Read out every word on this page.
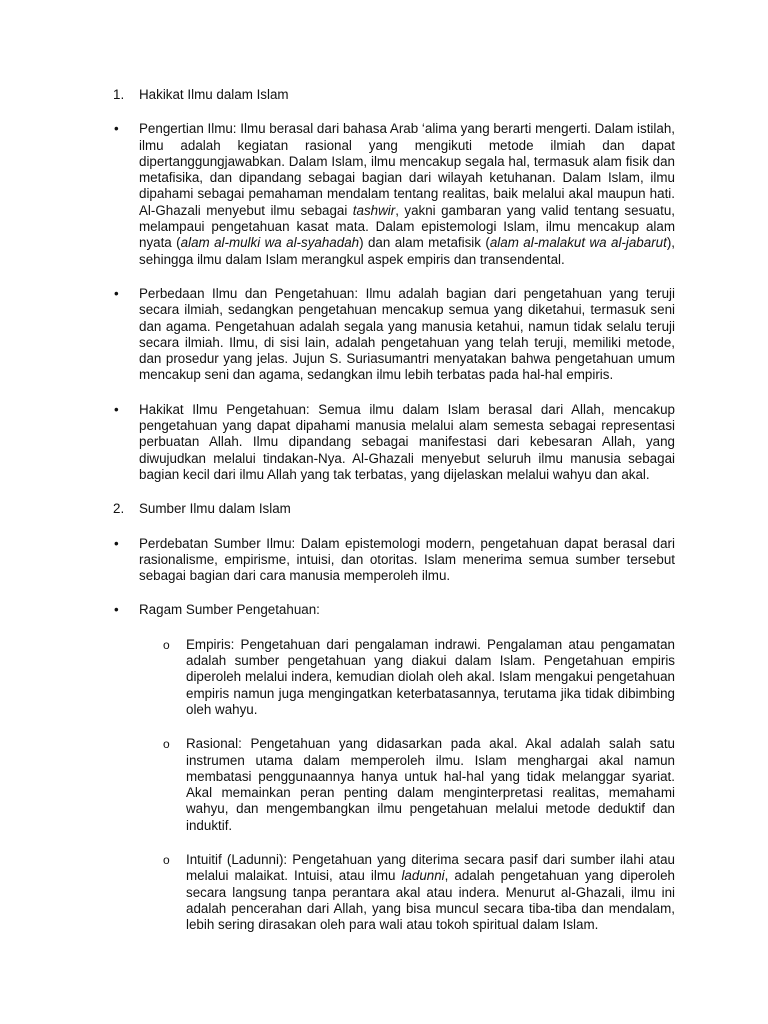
1.	Hakikat Ilmu dalam Islam
•	Pengertian Ilmu: Ilmu berasal dari bahasa Arab ‘alima yang berarti mengerti. Dalam istilah, ilmu adalah kegiatan rasional yang mengikuti metode ilmiah dan dapat dipertanggungjawabkan. Dalam Islam, ilmu mencakup segala hal, termasuk alam fisik dan metafisika, dan dipandang sebagai bagian dari wilayah ketuhanan. Dalam Islam, ilmu dipahami sebagai pemahaman mendalam tentang realitas, baik melalui akal maupun hati. Al-Ghazali menyebut ilmu sebagai tashwir, yakni gambaran yang valid tentang sesuatu, melampaui pengetahuan kasat mata. Dalam epistemologi Islam, ilmu mencakup alam nyata (alam al-mulki wa al-syahadah) dan alam metafisik (alam al-malakut wa al-jabarut), sehingga ilmu dalam Islam merangkul aspek empiris dan transendental.
•	Perbedaan Ilmu dan Pengetahuan: Ilmu adalah bagian dari pengetahuan yang teruji secara ilmiah, sedangkan pengetahuan mencakup semua yang diketahui, termasuk seni dan agama. Pengetahuan adalah segala yang manusia ketahui, namun tidak selalu teruji secara ilmiah. Ilmu, di sisi lain, adalah pengetahuan yang telah teruji, memiliki metode, dan prosedur yang jelas. Jujun S. Suriasumantri menyatakan bahwa pengetahuan umum mencakup seni dan agama, sedangkan ilmu lebih terbatas pada hal-hal empiris.
•	Hakikat Ilmu Pengetahuan: Semua ilmu dalam Islam berasal dari Allah, mencakup pengetahuan yang dapat dipahami manusia melalui alam semesta sebagai representasi perbuatan Allah. Ilmu dipandang sebagai manifestasi dari kebesaran Allah, yang diwujudkan melalui tindakan-Nya. Al-Ghazali menyebut seluruh ilmu manusia sebagai bagian kecil dari ilmu Allah yang tak terbatas, yang dijelaskan melalui wahyu dan akal.
2.	Sumber Ilmu dalam Islam
•	Perdebatan Sumber Ilmu: Dalam epistemologi modern, pengetahuan dapat berasal dari rasionalisme, empirisme, intuisi, dan otoritas. Islam menerima semua sumber tersebut sebagai bagian dari cara manusia memperoleh ilmu.
•	Ragam Sumber Pengetahuan:
o	Empiris: Pengetahuan dari pengalaman indrawi. Pengalaman atau pengamatan adalah sumber pengetahuan yang diakui dalam Islam. Pengetahuan empiris diperoleh melalui indera, kemudian diolah oleh akal. Islam mengakui pengetahuan empiris namun juga mengingatkan keterbatasannya, terutama jika tidak dibimbing oleh wahyu.
o	Rasional: Pengetahuan yang didasarkan pada akal. Akal adalah salah satu instrumen utama dalam memperoleh ilmu. Islam menghargai akal namun membatasi penggunaannya hanya untuk hal-hal yang tidak melanggar syariat. Akal memainkan peran penting dalam menginterpretasi realitas, memahami wahyu, dan mengembangkan ilmu pengetahuan melalui metode deduktif dan induktif.
o	Intuitif (Ladunni): Pengetahuan yang diterima secara pasif dari sumber ilahi atau melalui malaikat. Intuisi, atau ilmu ladunni, adalah pengetahuan yang diperoleh secara langsung tanpa perantara akal atau indera. Menurut al-Ghazali, ilmu ini adalah pencerahan dari Allah, yang bisa muncul secara tiba-tiba dan mendalam, lebih sering dirasakan oleh para wali atau tokoh spiritual dalam Islam.
